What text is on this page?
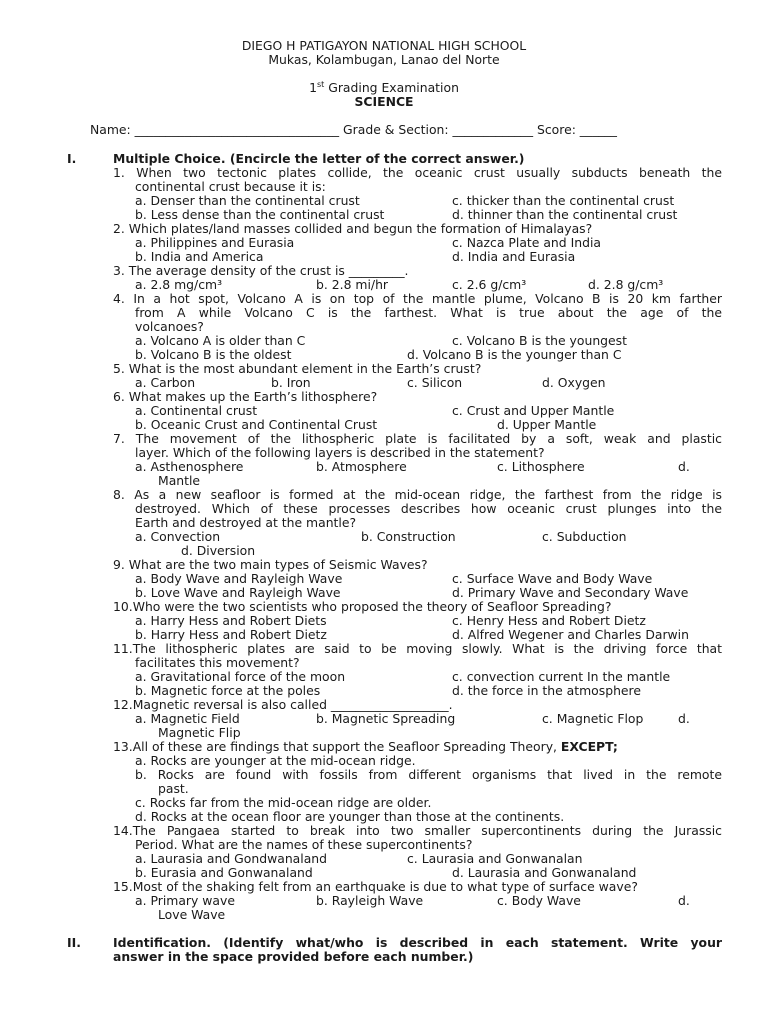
DIEGO H PATIGAYON NATIONAL HIGH SCHOOL
Mukas, Kolambugan, Lanao del Norte
1st Grading Examination
SCIENCE
Name: _________________________________ Grade & Section: _____________ Score: ______
I.	Multiple Choice. (Encircle the letter of the correct answer.)
1. When two tectonic plates collide, the oceanic crust usually subducts beneath the
continental crust because it is:
a. Denser than the continental crust	c. thicker than the continental crust
b. Less dense than the continental crust	d. thinner than the continental crust
2. Which plates/land masses collided and begun the formation of Himalayas?
a. Philippines and Eurasia	c. Nazca Plate and India
b. India and America	d. India and Eurasia
3. The average density of the crust is _________.
a. 2.8 mg/cm³	b. 2.8 mi/hr	c. 2.6 g/cm³	d. 2.8 g/cm³
4. In a hot spot, Volcano A is on top of the mantle plume, Volcano B is 20 km farther
from A while Volcano C is the farthest. What is true about the age of the
volcanoes?
a. Volcano A is older than C	c. Volcano B is the youngest
b. Volcano B is the oldest	d. Volcano B is the younger than C
5. What is the most abundant element in the Earth’s crust?
a. Carbon	b. Iron	c. Silicon	d. Oxygen
6. What makes up the Earth’s lithosphere?
a. Continental crust	c. Crust and Upper Mantle
b. Oceanic Crust and Continental Crust	d. Upper Mantle
7. The movement of the lithospheric plate is facilitated by a soft, weak and plastic
layer. Which of the following layers is described in the statement?
a. Asthenosphere	b. Atmosphere	c. Lithosphere	d.
Mantle
8. As a new seafloor is formed at the mid-ocean ridge, the farthest from the ridge is
destroyed. Which of these processes describes how oceanic crust plunges into the
Earth and destroyed at the mantle?
a. Convection	b. Construction	c. Subduction
d. Diversion
9. What are the two main types of Seismic Waves?
a. Body Wave and Rayleigh Wave	c. Surface Wave and Body Wave
b. Love Wave and Rayleigh Wave	d. Primary Wave and Secondary Wave
10.Who were the two scientists who proposed the theory of Seafloor Spreading?
a. Harry Hess and Robert Diets	c. Henry Hess and Robert Dietz
b. Harry Hess and Robert Dietz	d. Alfred Wegener and Charles Darwin
11.The lithospheric plates are said to be moving slowly. What is the driving force that
facilitates this movement?
a. Gravitational force of the moon	c. convection current In the mantle
b. Magnetic force at the poles	d. the force in the atmosphere
12.Magnetic reversal is also called ___________________.
a. Magnetic Field	b. Magnetic Spreading	c. Magnetic Flop	d.
Magnetic Flip
13.All of these are findings that support the Seafloor Spreading Theory, EXCEPT;
a. Rocks are younger at the mid-ocean ridge.
b. Rocks are found with fossils from different organisms that lived in the remote
past.
c. Rocks far from the mid-ocean ridge are older.
d. Rocks at the ocean floor are younger than those at the continents.
14.The Pangaea started to break into two smaller supercontinents during the Jurassic
Period. What are the names of these supercontinents?
a. Laurasia and Gondwanaland	c. Laurasia and Gonwanalan
b. Eurasia and Gonwanaland	d. Laurasia and Gonwanaland
15.Most of the shaking felt from an earthquake is due to what type of surface wave?
a. Primary wave	b. Rayleigh Wave	c. Body Wave	d.
Love Wave
II.	Identification. (Identify what/who is described in each statement. Write your
answer in the space provided before each number.)
